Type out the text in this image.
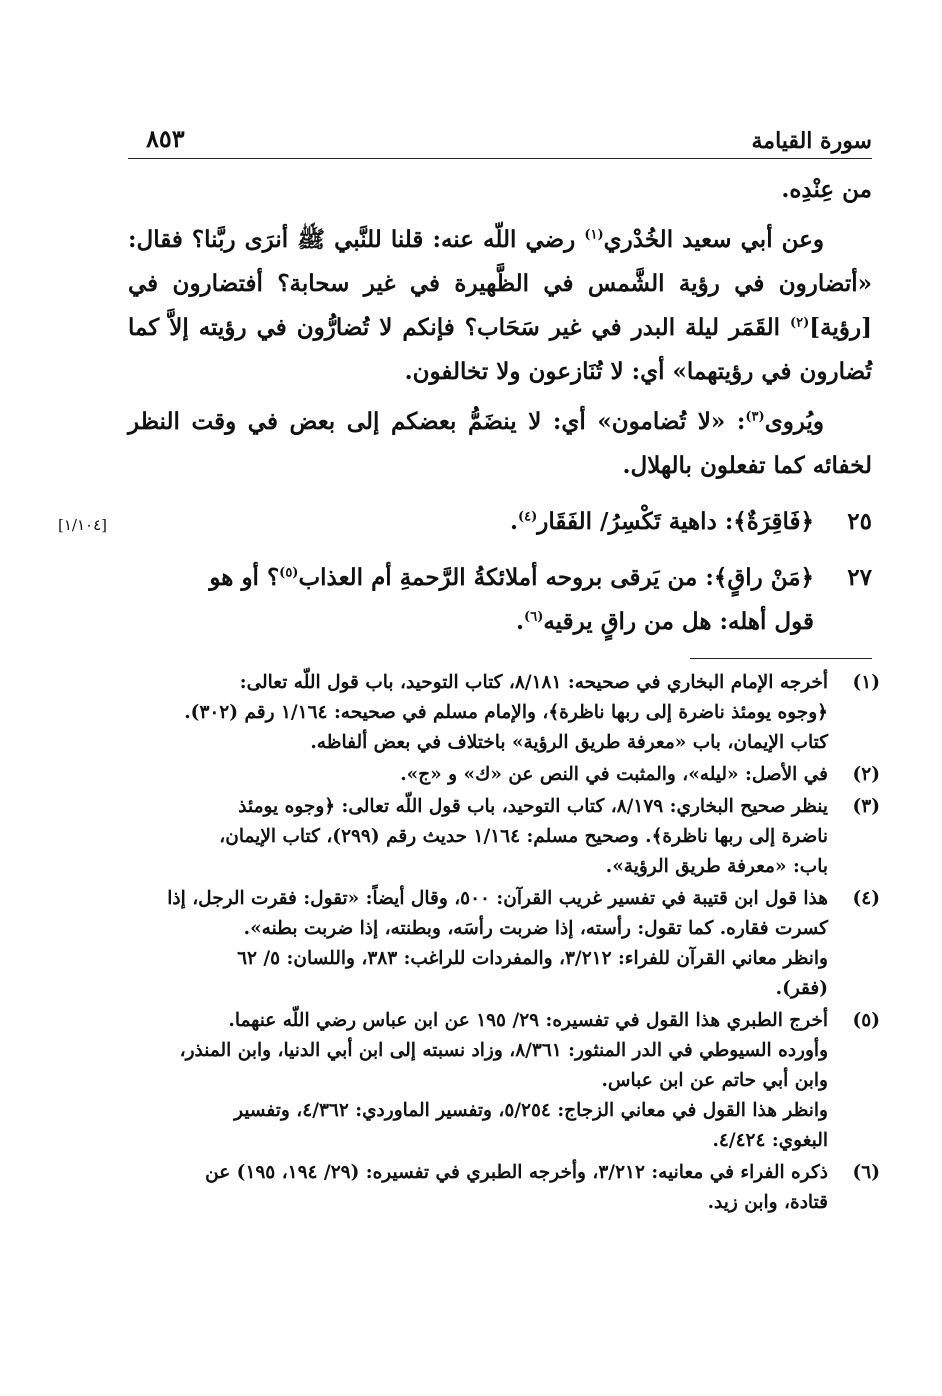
سورة القيامة
٨٥٣

من عِنْدِه.

وعن أبي سعيد الخُدْري$^{(١)}$ رضي اللّه عنه: قلنا للنَّبي ﷺ أنرَى ربَّنا؟ فقال: «أتضارون في رؤية الشَّمس في الظَّهيرة في غير سحابة؟ أفتضارون في [رؤية]$^{(٢)}$ القَمَر ليلة البدر في غير سَحَاب؟ فإنكم لا تُضارُّون في رؤيته إلاَّ كما تُضارون في رؤيتهما» أي: لا تُنَازعون ولا تخالفون.

ويُروى$^{(٣)}$: «لا تُضامون» أي: لا ينضَمُّ بعضكم إلى بعض في وقت النظر لخفائه كما تفعلون بالهلال.

٢٥
﴿فَاقِرَةٌ﴾: داهية تَكْسِرُ/ الفَقَار$^{(٤)}$.
[١/١٠٤]
٢٧
﴿مَنْ راقٍ﴾: من يَرقى بروحه أملائكةُ الرَّحمةِ أم العذاب$^{(٥)}$؟ أو هو
قول أهله: هل من راقٍ يرقيه$^{(٦)}$.
(١)
أخرجه الإمام البخاري في صحيحه: ٨/١٨١، كتاب التوحيد، باب قول اللّه تعالى:
﴿وجوه يومئذ ناضرة إلى ربها ناظرة﴾، والإمام مسلم في صحيحه: ١/١٦٤ رقم (٣٠٢).
كتاب الإيمان، باب «معرفة طريق الرؤية» باختلاف في بعض ألفاظه.
(٢)
في الأصل: «ليله»، والمثبت في النص عن «ك» و «ج».
(٣)
ينظر صحيح البخاري: ٨/١٧٩، كتاب التوحيد، باب قول اللّه تعالى: ﴿وجوه يومئذ
ناضرة إلى ربها ناظرة﴾. وصحيح مسلم: ١/١٦٤ حديث رقم (٢٩٩)، كتاب الإيمان،
باب: «معرفة طريق الرؤية».
(٤)
هذا قول ابن قتيبة في تفسير غريب القرآن: ٥٠٠، وقال أيضاً: «تقول: فقرت الرجل، إذا
كسرت فقاره. كما تقول: رأسته، إذا ضربت رأسَه، وبطنته، إذا ضربت بطنه».
وانظر معاني القرآن للفراء: ٣/٢١٢، والمفردات للراغب: ٣٨٣، واللسان: ٥/ ٦٢
(فقر).
(٥)
أخرج الطبري هذا القول في تفسيره: ٢٩/ ١٩٥ عن ابن عباس رضي اللّه عنهما.
وأورده السيوطي في الدر المنثور: ٨/٣٦١، وزاد نسبته إلى ابن أبي الدنيا، وابن المنذر،
وابن أبي حاتم عن ابن عباس.
وانظر هذا القول في معاني الزجاج: ٥/٢٥٤، وتفسير الماوردي: ٤/٣٦٢، وتفسير
البغوي: ٤/٤٢٤.
(٦)
ذكره الفراء في معانيه: ٣/٢١٢، وأخرجه الطبري في تفسيره: (٢٩/ ١٩٤، ١٩٥) عن
قتادة، وابن زيد.
